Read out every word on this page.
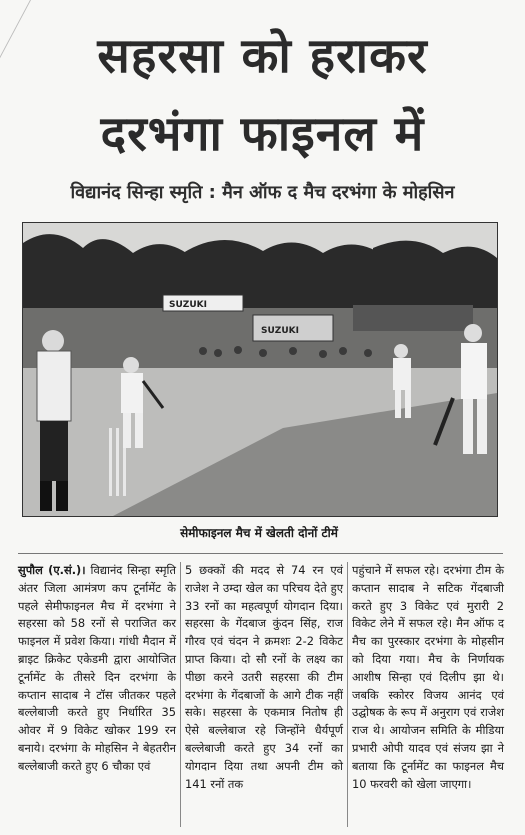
सहरसा को हराकर
दरभंगा फाइनल में
विद्यानंद सिन्हा स्मृति : मैन ऑफ द मैच दरभंगा के मोहसिन
SUZUKI
SUZUKI
सेमीफाइनल मैच में खेलती दोनों टीमें
सुपौल (ए.सं.)। विद्यानंद सिन्हा स्मृति अंतर जिला आमंत्रण कप टूर्नामेंट के पहले सेमीफाइनल मैच में दरभंगा ने सहरसा को 58 रनों से पराजित कर फाइनल में प्रवेश किया। गांधी मैदान में ब्राइट क्रिकेट एकेडमी द्वारा आयोजित टूर्नामेंट के तीसरे दिन दरभंगा के कप्तान सादाब ने टॉस जीतकर पहले बल्लेबाजी करते हुए निर्धारित 35 ओवर में 9 विकेट खोकर 199 रन बनाये। दरभंगा के मोहसिन ने बेहतरीन बल्लेबाजी करते हुए 6 चौका एवं
5 छक्कों की मदद से 74 रन एवं राजेश ने उम्दा खेल का परिचय देते हुए 33 रनों का महत्वपूर्ण योगदान दिया। सहरसा के गेंदबाज कुंदन सिंह, राज गौरव एवं चंदन ने क्रमशः 2-2 विकेट प्राप्त किया। दो सौ रनों के लक्ष्य का पीछा करने उतरी सहरसा की टीम दरभंगा के गेंदबाजों के आगे टीक नहीं सके। सहरसा के एकमात्र नितोष ही ऐसे बल्लेबाज रहे जिन्होंने धैर्यपूर्ण बल्लेबाजी करते हुए 34 रनों का योगदान दिया तथा अपनी टीम को 141 रनों तक
पहुंचाने में सफल रहे। दरभंगा टीम के कप्तान सादाब ने सटिक गेंदबाजी करते हुए 3 विकेट एवं मुरारी 2 विकेट लेने में सफल रहे। मैन ऑफ द मैच का पुरस्कार दरभंगा के मोहसीन को दिया गया। मैच के निर्णायक आशीष सिन्हा एवं दिलीप झा थे। जबकि स्कोरर विजय आनंद एवं उद्घोषक के रूप में अनुराग एवं राजेश राज थे। आयोजन समिति के मीडिया प्रभारी ओपी यादव एवं संजय झा ने बताया कि टूर्नामेंट का फाइनल मैच 10 फरवरी को खेला जाएगा।
